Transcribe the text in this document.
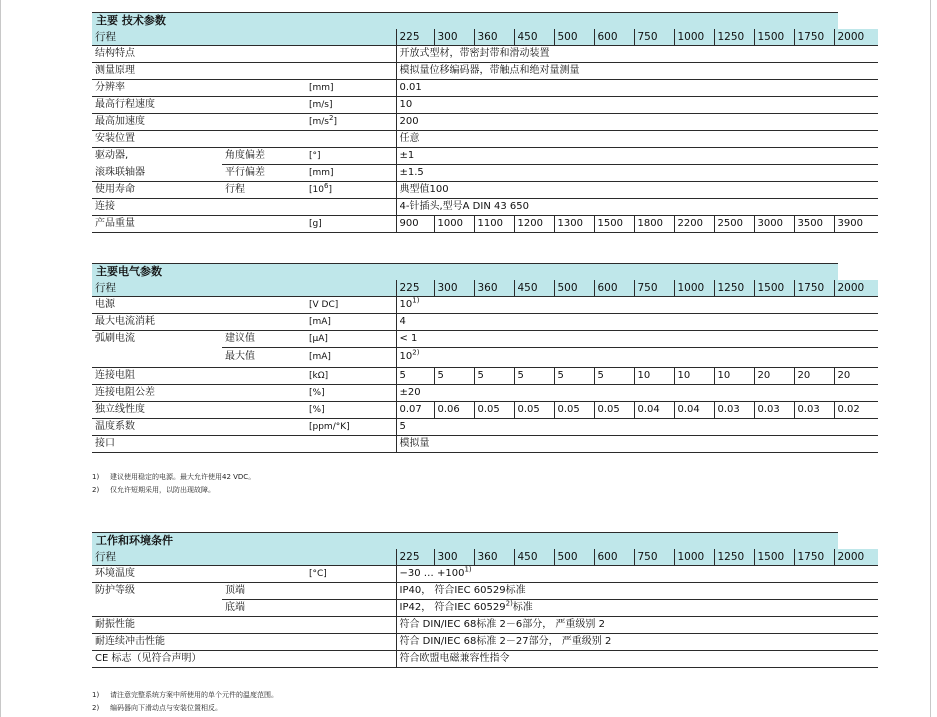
主要 技术参数
行程			225	300	360	450	500	600	750	1000	1250	1500	1750	2000
结构特点			开放式型材，带密封带和滑动装置											
测量原理			模拟量位移编码器，带触点和绝对量测量											
分辨率		[mm]	0.01											
最高行程速度		[m/s]	10											
最高加速度		$[m/s^2]$	200											
安装位置			任意											
驱动器,	角度偏差	[°]	±1											
滚珠联轴器	平行偏差	[mm]	±1.5											
使用寿命	行程	$[10^6]$	典型值100											
连接			4-针插头,型号A DIN 43 650											
产品重量		[g]	900	1000	1100	1200	1300	1500	1800	2200	2500	3000	3500	3900
主要电气参数
行程			225	300	360	450	500	600	750	1000	1250	1500	1750	2000
电源		[V DC]	10$^{1)}$
最大电流消耗		[mA]	4											
弧刷电流	建议值	[µA]	< 1											
	最大值	[mA]	10$^{2)}$
连接电阻		[kΩ]	5	5	5	5	5	5	10	10	10	20	20	20
连接电阻公差		[%]	±20											
独立线性度		[%]	0.07	0.06	0.05	0.05	0.05	0.05	0.04	0.04	0.03	0.03	0.03	0.02
温度系数		[ppm/°K]	5											
接口			模拟量											
1) 建议使用稳定的电源。最大允许使用42 VDC。
2) 仅允许短期采用，以防出现故障。
工作和环境条件
行程			225	300	360	450	500	600	750	1000	1250	1500	1750	2000
环境温度		[°C]	−30 … $+100^{1)}$
防护等级	顶端		IP40， 符合IEC 60529标准											
	底端		IP42， 符合IEC 60529$^{2)}$标准											
耐振性能			符合 DIN/IEC 68标准 2－6部分， 严重级别 2											
耐连续冲击性能			符合 DIN/IEC 68标准 2－27部分， 严重级别 2											
CE 标志（见符合声明）			符合欧盟电磁兼容性指令											
1) 请注意完整系统方案中所使用的单个元件的温度范围。
2) 编码器向下滑动点与安装位置相反。
